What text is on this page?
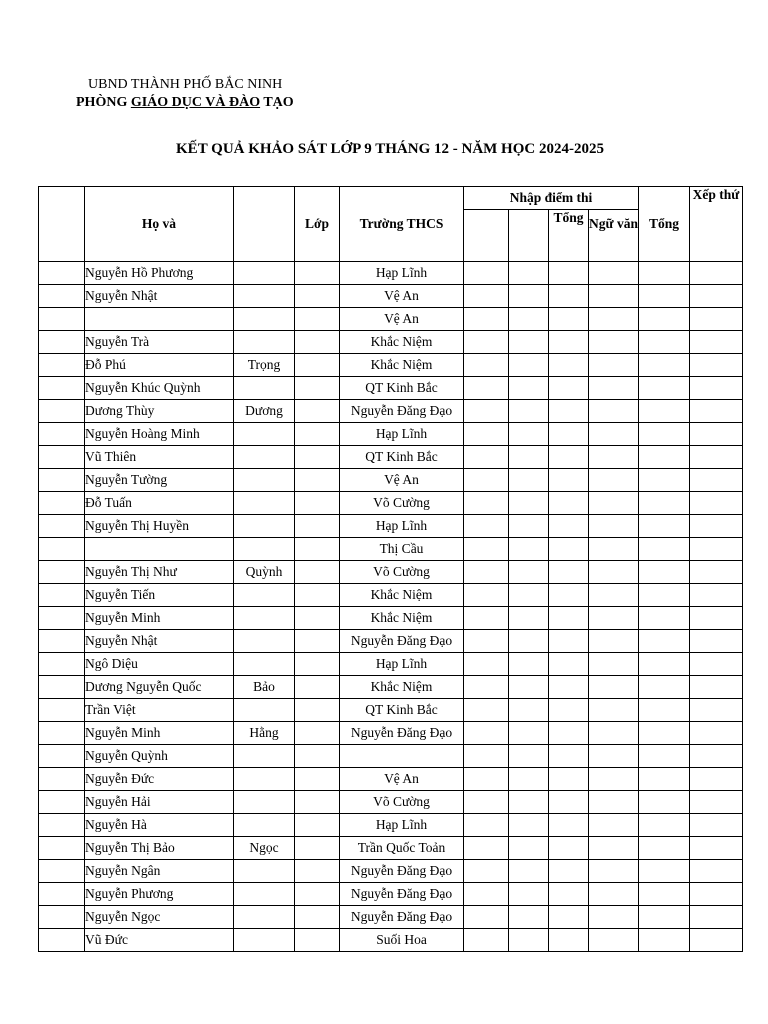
UBND THÀNH PHỐ BẮC NINH
PHÒNG GIÁO DỤC VÀ ĐÀO TẠO
KẾT QUẢ KHẢO SÁT LỚP 9 THÁNG 12 - NĂM HỌC 2024-2025
	Họ và		Lớp	Trường THCS	Nhập điểm thi				Tổng	Xếp thứ
							Tổng	Ngữ văn		
	Nguyễn Hồ Phương			Hạp Lĩnh						
	Nguyễn Nhật			Vệ An						
				Vệ An						
	Nguyễn Trà			Khắc Niệm						
	Đỗ Phú	Trọng		Khắc Niệm						
	Nguyễn Khúc Quỳnh			QT Kinh Bắc						
	Dương Thùy	Dương		Nguyễn Đăng Đạo						
	Nguyễn Hoàng Minh			Hạp Lĩnh						
	Vũ Thiên			QT Kinh Bắc						
	Nguyễn Tường			Vệ An						
	Đỗ Tuấn			Võ Cường						
	Nguyễn Thị Huyền			Hạp Lĩnh						
				Thị Cầu						
	Nguyễn Thị Như	Quỳnh		Võ Cường						
	Nguyễn Tiến			Khắc Niệm						
	Nguyễn Minh			Khắc Niệm						
	Nguyễn Nhật			Nguyễn Đăng Đạo						
	Ngô Diệu			Hạp Lĩnh						
	Dương Nguyễn Quốc	Bảo		Khắc Niệm						
	Trần Việt			QT Kinh Bắc						
	Nguyễn Minh	Hằng		Nguyễn Đăng Đạo						
	Nguyễn Quỳnh									
	Nguyễn Đức			Vệ An						
	Nguyễn Hải			Võ Cường						
	Nguyễn Hà			Hạp Lĩnh						
	Nguyễn Thị Bảo	Ngọc		Trần Quốc Toản						
	Nguyễn Ngân			Nguyễn Đăng Đạo						
	Nguyễn Phương			Nguyễn Đăng Đạo						
	Nguyễn Ngọc			Nguyễn Đăng Đạo						
	Vũ Đức			Suối Hoa						
